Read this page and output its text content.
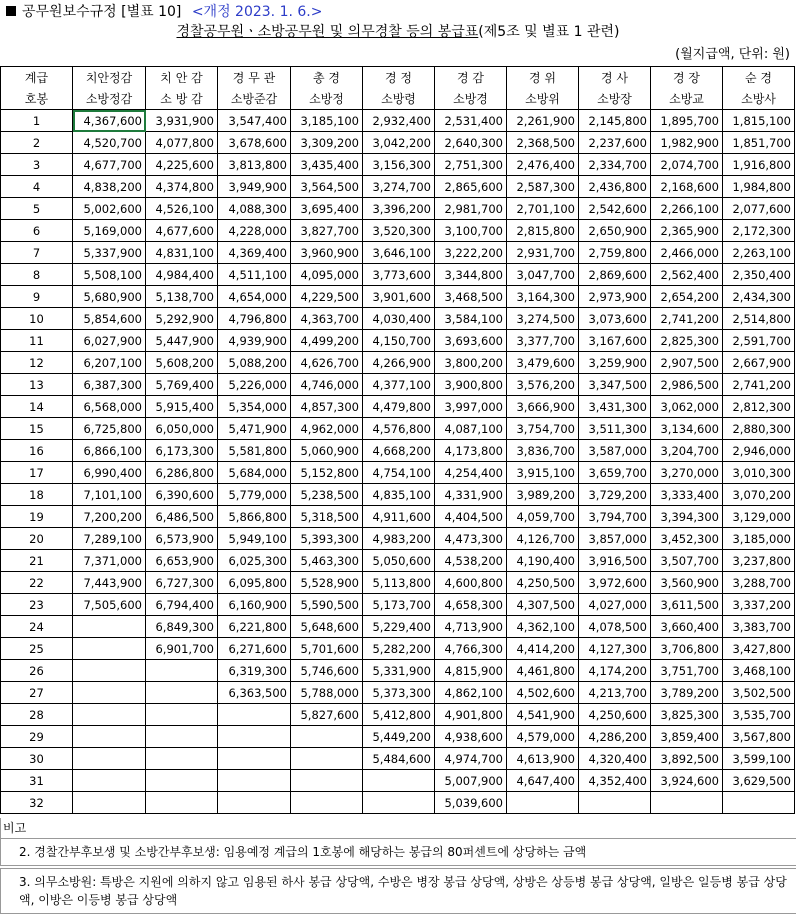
공무원보수규정 [별표 10] <개정 2023. 1. 6.>
경찰공무원ㆍ소방공무원 및 의무경찰 등의 봉급표(제5조 및 별표 1 관련)
(월지급액, 단위: 원)
계급	치안정감	치 안 감	경 무 관	총 경	경 정	경 감	경 위	경 사	경 장	순 경
호봉	소방정감	소 방 감	소방준감	소방정	소방령	소방경	소방위	소방장	소방교	소방사
1	4,367,600	3,931,900	3,547,400	3,185,100	2,932,400	2,531,400	2,261,900	2,145,800	1,895,700	1,815,100
2	4,520,700	4,077,800	3,678,600	3,309,200	3,042,200	2,640,300	2,368,500	2,237,600	1,982,900	1,851,700
3	4,677,700	4,225,600	3,813,800	3,435,400	3,156,300	2,751,300	2,476,400	2,334,700	2,074,700	1,916,800
4	4,838,200	4,374,800	3,949,900	3,564,500	3,274,700	2,865,600	2,587,300	2,436,800	2,168,600	1,984,800
5	5,002,600	4,526,100	4,088,300	3,695,400	3,396,200	2,981,700	2,701,100	2,542,600	2,266,100	2,077,600
6	5,169,000	4,677,600	4,228,000	3,827,700	3,520,300	3,100,700	2,815,800	2,650,900	2,365,900	2,172,300
7	5,337,900	4,831,100	4,369,400	3,960,900	3,646,100	3,222,200	2,931,700	2,759,800	2,466,000	2,263,100
8	5,508,100	4,984,400	4,511,100	4,095,000	3,773,600	3,344,800	3,047,700	2,869,600	2,562,400	2,350,400
9	5,680,900	5,138,700	4,654,000	4,229,500	3,901,600	3,468,500	3,164,300	2,973,900	2,654,200	2,434,300
10	5,854,600	5,292,900	4,796,800	4,363,700	4,030,400	3,584,100	3,274,500	3,073,600	2,741,200	2,514,800
11	6,027,900	5,447,900	4,939,900	4,499,200	4,150,700	3,693,600	3,377,700	3,167,600	2,825,300	2,591,700
12	6,207,100	5,608,200	5,088,200	4,626,700	4,266,900	3,800,200	3,479,600	3,259,900	2,907,500	2,667,900
13	6,387,300	5,769,400	5,226,000	4,746,000	4,377,100	3,900,800	3,576,200	3,347,500	2,986,500	2,741,200
14	6,568,000	5,915,400	5,354,000	4,857,300	4,479,800	3,997,000	3,666,900	3,431,300	3,062,000	2,812,300
15	6,725,800	6,050,000	5,471,900	4,962,000	4,576,800	4,087,100	3,754,700	3,511,300	3,134,600	2,880,300
16	6,866,100	6,173,300	5,581,800	5,060,900	4,668,200	4,173,800	3,836,700	3,587,000	3,204,700	2,946,000
17	6,990,400	6,286,800	5,684,000	5,152,800	4,754,100	4,254,400	3,915,100	3,659,700	3,270,000	3,010,300
18	7,101,100	6,390,600	5,779,000	5,238,500	4,835,100	4,331,900	3,989,200	3,729,200	3,333,400	3,070,200
19	7,200,200	6,486,500	5,866,800	5,318,500	4,911,600	4,404,500	4,059,700	3,794,700	3,394,300	3,129,000
20	7,289,100	6,573,900	5,949,100	5,393,300	4,983,200	4,473,300	4,126,700	3,857,000	3,452,300	3,185,000
21	7,371,000	6,653,900	6,025,300	5,463,300	5,050,600	4,538,200	4,190,400	3,916,500	3,507,700	3,237,800
22	7,443,900	6,727,300	6,095,800	5,528,900	5,113,800	4,600,800	4,250,500	3,972,600	3,560,900	3,288,700
23	7,505,600	6,794,400	6,160,900	5,590,500	5,173,700	4,658,300	4,307,500	4,027,000	3,611,500	3,337,200
24		6,849,300	6,221,800	5,648,600	5,229,400	4,713,900	4,362,100	4,078,500	3,660,400	3,383,700
25		6,901,700	6,271,600	5,701,600	5,282,200	4,766,300	4,414,200	4,127,300	3,706,800	3,427,800
26			6,319,300	5,746,600	5,331,900	4,815,900	4,461,800	4,174,200	3,751,700	3,468,100
27			6,363,500	5,788,000	5,373,300	4,862,100	4,502,600	4,213,700	3,789,200	3,502,500
28				5,827,600	5,412,800	4,901,800	4,541,900	4,250,600	3,825,300	3,535,700
29					5,449,200	4,938,600	4,579,000	4,286,200	3,859,400	3,567,800
30					5,484,600	4,974,700	4,613,900	4,320,400	3,892,500	3,599,100
31						5,007,900	4,647,400	4,352,400	3,924,600	3,629,500
32						5,039,600				
비고
2. 경찰간부후보생 및 소방간부후보생: 임용예정 계급의 1호봉에 해당하는 봉급의 80퍼센트에 상당하는 금액
3. 의무소방원: 특방은 지원에 의하지 않고 임용된 하사 봉급 상당액, 수방은 병장 봉급 상당액, 상방은 상등병 봉급 상당액, 일방은 일등병 봉급 상당액, 이방은 이등병 봉급 상당액
